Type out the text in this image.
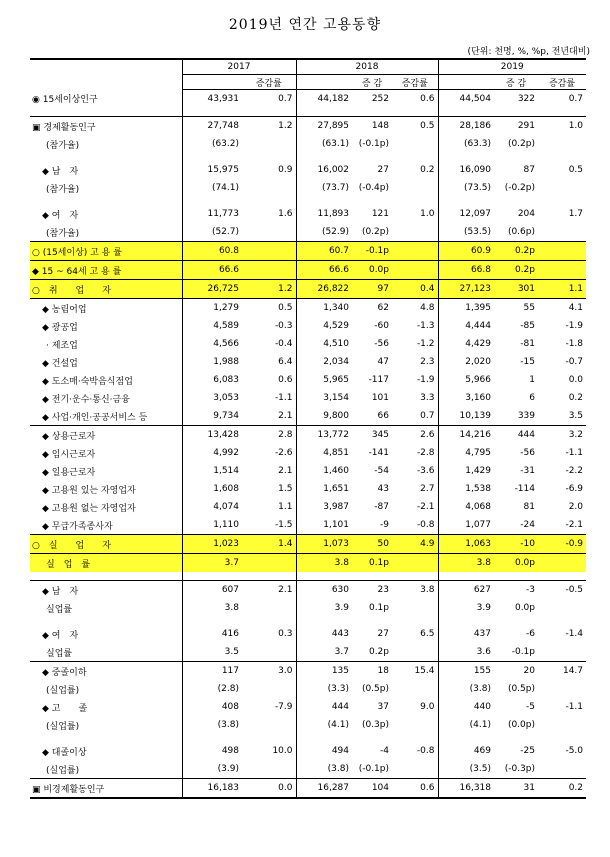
2019년 연간 고용동향
(단위: 천명, %, %p, 전년대비)
	2017		2018			2019		
		증감률		증 감	증감률		증 감	증감률
◉ 15세이상인구	43,931	0.7	44,182	252	0.6	44,504	322	0.7

▣ 경제활동인구	27,748	1.2	27,895	148	0.5	28,186	291	1.0
(참가율)	(63.2)		(63.1)	(-0.1p)		(63.3)	(0.2p)	

◆ 남　자	15,975	0.9	16,002	27	0.2	16,090	87	0.5
(참가율)	(74.1)		(73.7)	(-0.4p)		(73.5)	(-0.2p)	

◆ 여　자	11,773	1.6	11,893	121	1.0	12,097	204	1.7
(참가율)	(52.7)		(52.9)	(0.2p)		(53.5)	(0.6p)	
○ (15세이상) 고 용 률	60.8		60.7	-0.1p		60.9	0.2p	
◆ 15 ~ 64세 고 용 률	66.6		66.6	0.0p		66.8	0.2p	
○　취　　업　　자	26,725	1.2	26,822	97	0.4	27,123	301	1.1
◆ 농림어업	1,279	0.5	1,340	62	4.8	1,395	55	4.1
◆ 광공업	4,589	-0.3	4,529	-60	-1.3	4,444	-85	-1.9
· 제조업	4,566	-0.4	4,510	-56	-1.2	4,429	-81	-1.8
◆ 건설업	1,988	6.4	2,034	47	2.3	2,020	-15	-0.7
◆ 도소매·숙박음식점업	6,083	0.6	5,965	-117	-1.9	5,966	1	0.0
◆ 전기·운수·통신·금융	3,053	-1.1	3,154	101	3.3	3,160	6	0.2
◆ 사업·개인·공공서비스 등	9,734	2.1	9,800	66	0.7	10,139	339	3.5
◆ 상용근로자	13,428	2.8	13,772	345	2.6	14,216	444	3.2
◆ 임시근로자	4,992	-2.6	4,851	-141	-2.8	4,795	-56	-1.1
◆ 일용근로자	1,514	2.1	1,460	-54	-3.6	1,429	-31	-2.2
◆ 고용원 있는 자영업자	1,608	1.5	1,651	43	2.7	1,538	-114	-6.9
◆ 고용원 없는 자영업자	4,074	1.1	3,987	-87	-2.1	4,068	81	2.0
◆ 무급가족종사자	1,110	-1.5	1,101	-9	-0.8	1,077	-24	-2.1
○　실　　업　　자	1,023	1.4	1,073	50	4.9	1,063	-10	-0.9
실　업　률	3.7		3.8	0.1p		3.8	0.0p	

◆ 남　자	607	2.1	630	23	3.8	627	-3	-0.5
실업률	3.8		3.9	0.1p		3.9	0.0p	

◆ 여　자	416	0.3	443	27	6.5	437	-6	-1.4
실업률	3.5		3.7	0.2p		3.6	-0.1p	
◆ 중졸이하	117	3.0	135	18	15.4	155	20	14.7
(실업률)	(2.8)		(3.3)	(0.5p)		(3.8)	(0.5p)	
◆ 고　　졸	408	-7.9	444	37	9.0	440	-5	-1.1
(실업률)	(3.8)		(4.1)	(0.3p)		(4.1)	(0.0p)	

◆ 대졸이상	498	10.0	494	-4	-0.8	469	-25	-5.0
(실업률)	(3.9)		(3.8)	(-0.1p)		(3.5)	(-0.3p)	
▣ 비경제활동인구	16,183	0.0	16,287	104	0.6	16,318	31	0.2
